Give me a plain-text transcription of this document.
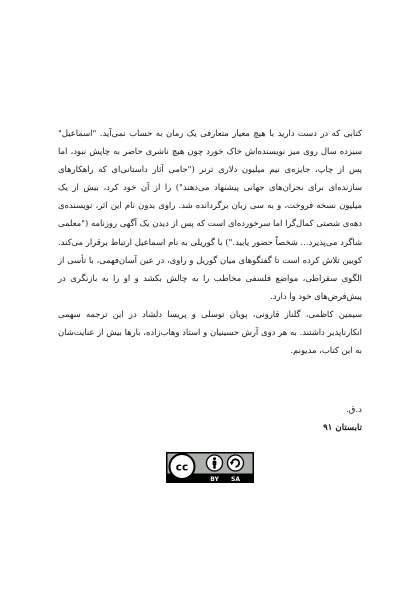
کتابی که در دست دارید با هیچ معیار متعارفی یک رمان به حساب نمی‌آید. "اسماعیل" سیزده سال روی میز نویسنده‌اش خاک خورد چون هیچ ناشری حاضر به چاپش نبود، اما پس از چاپ، جایزه‌ی نیم میلیون دلاری ترنر ("حامی آثار داستانی‌ای که راهکارهای سازنده‌ای برای بحران‌های جهانی پیشنهاد می‌دهند") را از آن خود کرد، بیش از یک میلیون نسخه فروخت، و به سی زبان برگردانده شد. راوی بدون نام این اثر، نویسنده‌ی دهه‌ی شصتی کمال‌گرا اما سرخورده‌ای است که پس از دیدن یک آگهی روزنامه ("معلمی شاگرد می‌پذیرد... شخصاً حضور یابید.") با گوریلی به نام اسماعیل ارتباط برقرار می‌کند. کویین تلاش کرده است تا گفتگوهای میان گوریل و راوی، در عین آسان‌فهمی، با تأسی از الگوی سقراطی، مواضع فلسفی مخاطب را به چالش بکشد و او را به بازنگری در پیش‌فرض‌های خود وا دارد.

سیمین کاظمی، گلناز قارونی، پویان توسلی و پریسا دلشاد در این ترجمه سهمی انکارناپذیر داشتند. به هر دوی آرش حسینیان و استاد وهاب‌زاده، بارها بیش از عنایت‌شان به این کتاب، مدیونم.

د.ق.
تابستان ۹۱
cc
BY SA
